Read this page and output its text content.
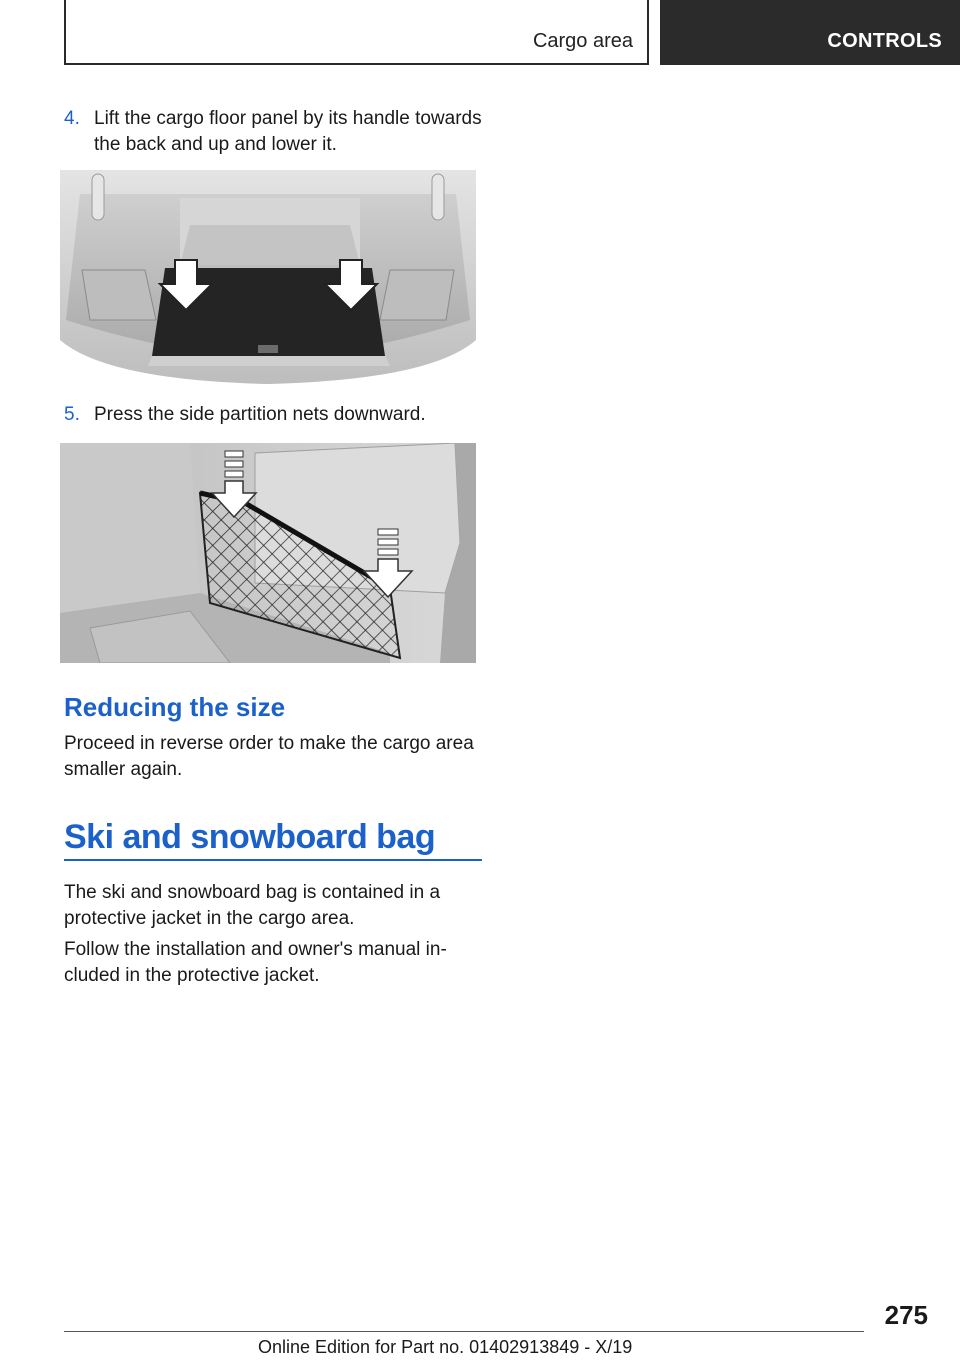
Cargo area	CONTROLS
4. Lift the cargo floor panel by its handle towards the back and up and lower it.
5. Press the side partition nets downward.
Reducing the size

Proceed in reverse order to make the cargo area smaller again.

Ski and snowboard bag

The ski and snowboard bag is contained in a protective jacket in the cargo area.

Follow the installation and owner's manual included in the protective jacket.

275
Online Edition for Part no. 01402913849 - X/19
